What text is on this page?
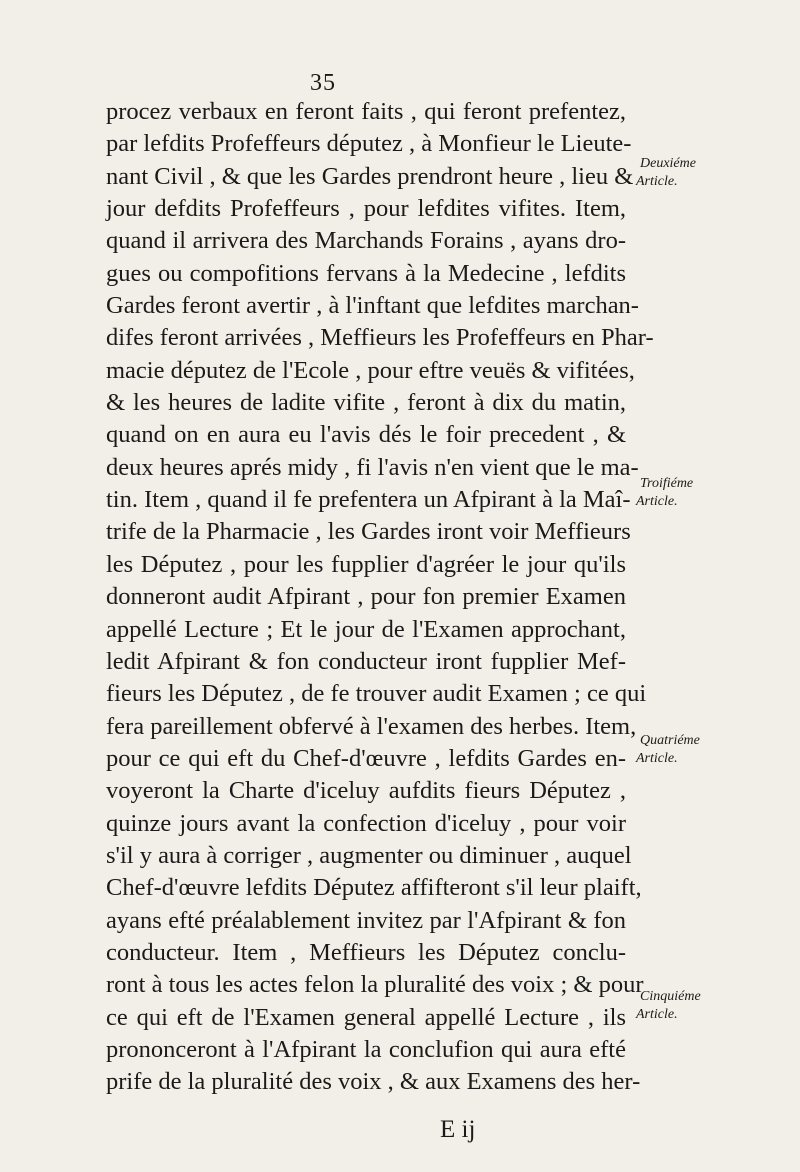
35
procez verbaux en feront faits , qui feront prefentez,
par lefdits Profeffeurs députez , à Monfieur le Lieute-
nant Civil , & que les Gardes prendront heure , lieu &
jour defdits Profeffeurs , pour lefdites vifites. Item,
quand il arrivera des Marchands Forains , ayans dro-
gues ou compofitions fervans à la Medecine , lefdits
Gardes feront avertir , à l'inftant que lefdites marchan-
difes feront arrivées , Meffieurs les Profeffeurs en Phar-
macie députez de l'Ecole , pour eftre veuës & vifitées,
& les heures de ladite vifite , feront à dix du matin,
quand on en aura eu l'avis dés le foir precedent , &
deux heures aprés midy , fi l'avis n'en vient que le ma-
tin. Item , quand il fe prefentera un Afpirant à la Maî-
trife de la Pharmacie , les Gardes iront voir Meffieurs
les Députez , pour les fupplier d'agréer le jour qu'ils
donneront audit Afpirant , pour fon premier Examen
appellé Lecture ; Et le jour de l'Examen approchant,
ledit Afpirant & fon conducteur iront fupplier Mef-
fieurs les Députez , de fe trouver audit Examen ; ce qui
fera pareillement obfervé à l'examen des herbes. Item,
pour ce qui eft du Chef-d'œuvre , lefdits Gardes en-
voyeront la Charte d'iceluy aufdits fieurs Députez ,
quinze jours avant la confection d'iceluy , pour voir
s'il y aura à corriger , augmenter ou diminuer , auquel
Chef-d'œuvre lefdits Députez affifteront s'il leur plaift,
ayans efté préalablement invitez par l'Afpirant & fon
conducteur. Item , Meffieurs les Députez conclu-
ront à tous les actes felon la pluralité des voix ; & pour
ce qui eft de l'Examen general appellé Lecture , ils
prononceront à l'Afpirant la conclufion qui aura efté
prife de la pluralité des voix , & aux Examens des her-
Deuxiéme
Article.
Troifiéme
Article.
Quatriéme
Article.
Cinquiéme
Article.
E ij
